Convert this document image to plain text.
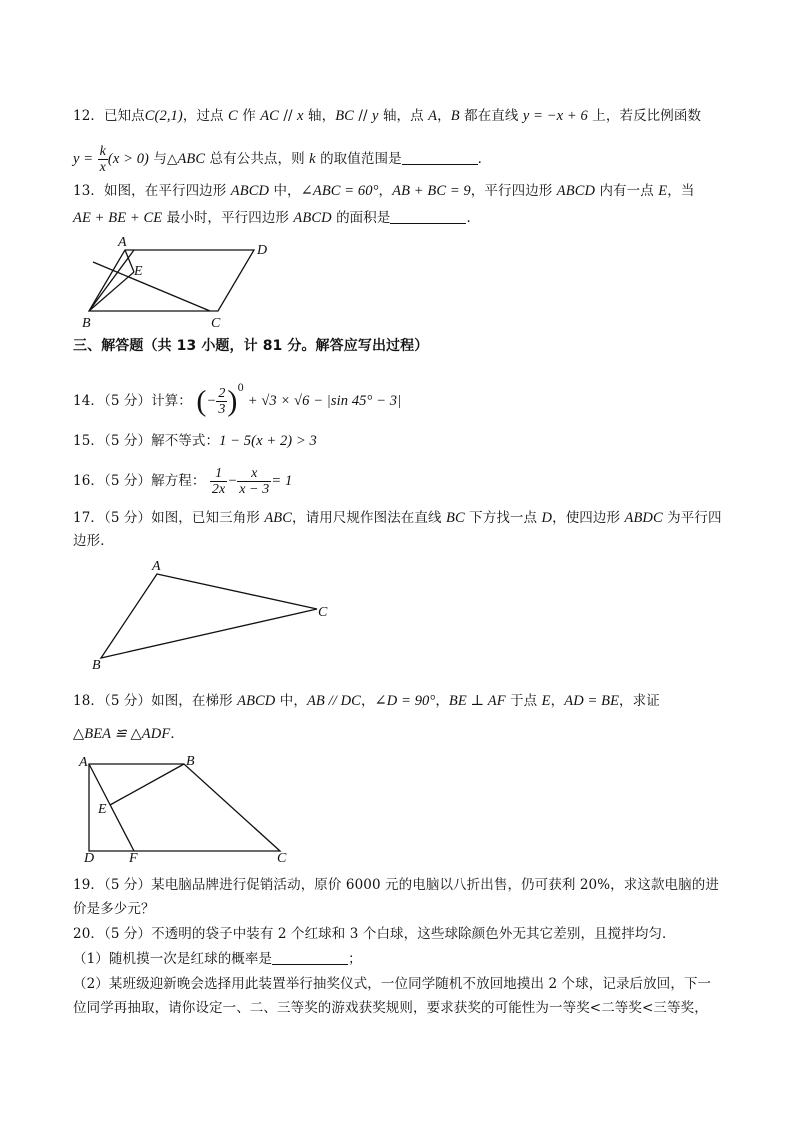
12．已知点C(2,1)，过点 C 作 AC // x 轴，BC // y 轴，点 A，B 都在直线 y = −x + 6 上，若反比例函数
$y = \frac{k}{x} (x > 0)$ 与△ABC 总有公共点，则 k 的取值范围是	．
13．如图，在平行四边形 ABCD 中，∠ABC = 60°，AB + BC = 9，平行四边形 ABCD 内有一点 E，当
AE + BE + CE 最小时，平行四边形 ABCD 的面积是	．
A
D
E
B	C
A
C
B
A	B
E
D F	C
三、解答题（共 13 小题，计 81 分。解答应写出过程）
14．（5 分）计算： (− $\frac{2}{3} )^0 + √3 \times √6 - |\sin$ 45° − 3|
15．（5 分）解不等式：1 − 5(x + 2) > 3
16．（5 分）解方程： $\frac{1}{2x} - \frac{x}{x - 3} = 1$
17．（5 分）如图，已知三角形 ABC，请用尺规作图法在直线 BC 下方找一点 D，使四边形 ABDC 为平行四
边形．
18．（5 分）如图，在梯形 ABCD 中，AB // DC，∠D = 90°，BE ⊥ AF 于点 E，AD = BE，求证
△BEA ≌ △ADF．
19．（5 分）某电脑品牌进行促销活动，原价 6000 元的电脑以八折出售，仍可获利 20%，求这款电脑的进
价是多少元？
20．（5 分）不透明的袋子中装有 2 个红球和 3 个白球，这些球除颜色外无其它差别，且搅拌均匀．
（1）随机摸一次是红球的概率是	；
（2）某班级迎新晚会选择用此装置举行抽奖仪式，一位同学随机不放回地摸出 2 个球，记录后放回，下一
位同学再抽取，请你设定一、二、三等奖的游戏获奖规则，要求获奖的可能性为一等奖<二等奖<三等奖，
